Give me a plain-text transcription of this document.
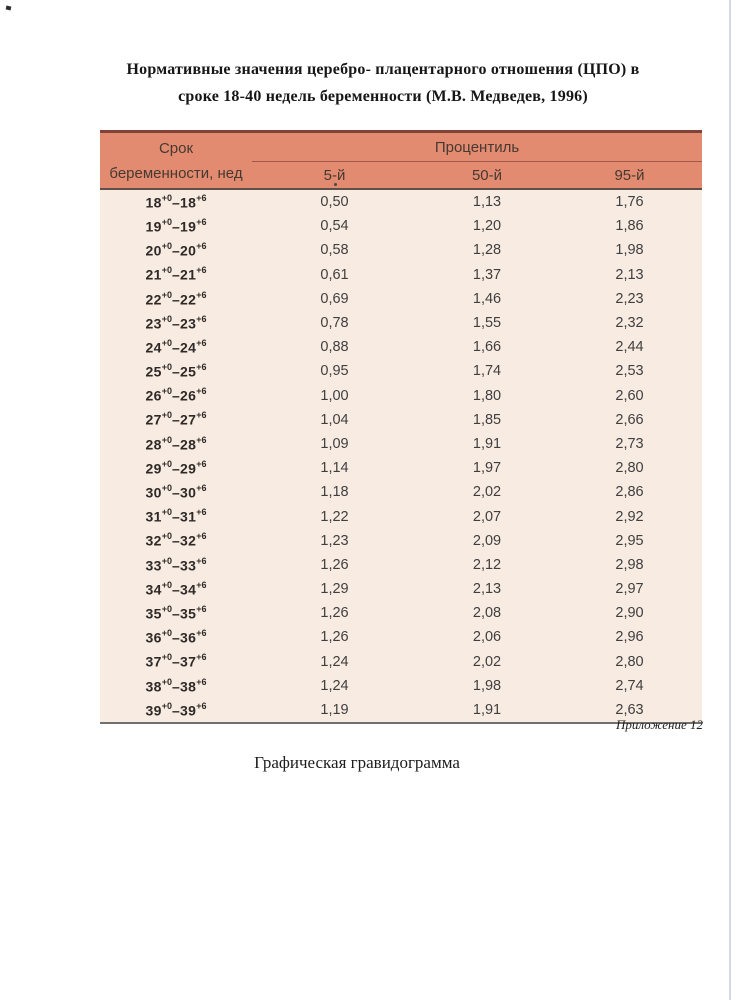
Нормативные значения церебро- плацентарного отношения (ЦПО) в
сроке 18-40 недель беременности (М.В. Медведев, 1996)
Срок
беременности, нед	Процентиль		
	5-й	50-й	95-й
$18^{+0}-18^{+6}$	0,50	1,13	1,76
$19^{+0}-19^{+6}$	0,54	1,20	1,86
$20^{+0}-20^{+6}$	0,58	1,28	1,98
$21^{+0}-21^{+6}$	0,61	1,37	2,13
$22^{+0}-22^{+6}$	0,69	1,46	2,23
$23^{+0}-23^{+6}$	0,78	1,55	2,32
$24^{+0}-24^{+6}$	0,88	1,66	2,44
$25^{+0}-25^{+6}$	0,95	1,74	2,53
$26^{+0}-26^{+6}$	1,00	1,80	2,60
$27^{+0}-27^{+6}$	1,04	1,85	2,66
$28^{+0}-28^{+6}$	1,09	1,91	2,73
$29^{+0}-29^{+6}$	1,14	1,97	2,80
$30^{+0}-30^{+6}$	1,18	2,02	2,86
$31^{+0}-31^{+6}$	1,22	2,07	2,92
$32^{+0}-32^{+6}$	1,23	2,09	2,95
$33^{+0}-33^{+6}$	1,26	2,12	2,98
$34^{+0}-34^{+6}$	1,29	2,13	2,97
$35^{+0}-35^{+6}$	1,26	2,08	2,90
$36^{+0}-36^{+6}$	1,26	2,06	2,96
$37^{+0}-37^{+6}$	1,24	2,02	2,80
$38^{+0}-38^{+6}$	1,24	1,98	2,74
$39^{+0}-39^{+6}$	1,19	1,91	2,63
Приложение 12
Графическая гравидограмма
